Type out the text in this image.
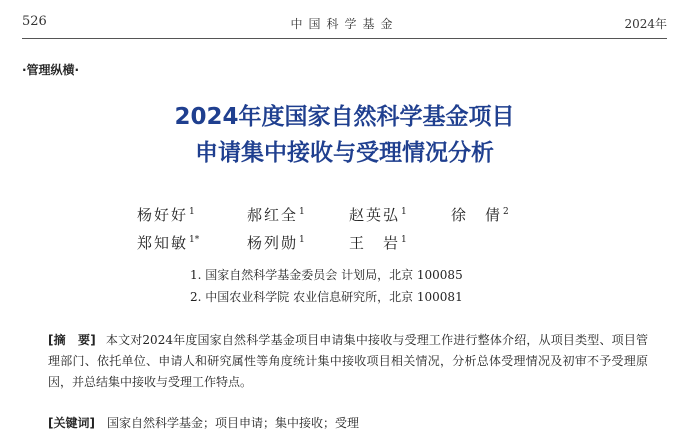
526	中国科学基金	2024年
·管理纵横·
2024年度国家自然科学基金项目
申请集中接收与受理情况分析
杨好好$^1$	郝红全$^1$	赵英弘$^1$	徐　倩$^2$
郑知敏$^{1*}$	杨列勋$^1$	王　岩$^1$
1. 国家自然科学基金委员会 计划局，北京 100085
2. 中国农业科学院 农业信息研究所，北京 100081
[摘　要] 本文对2024年度国家自然科学基金项目申请集中接收与受理工作进行整体介绍，从项目类型、项目管理部门、依托单位、申请人和研究属性等角度统计集中接收项目相关情况，分析总体受理情况及初审不予受理原因，并总结集中接收与受理工作特点。
[关键词] 国家自然科学基金；项目申请；集中接收；受理
